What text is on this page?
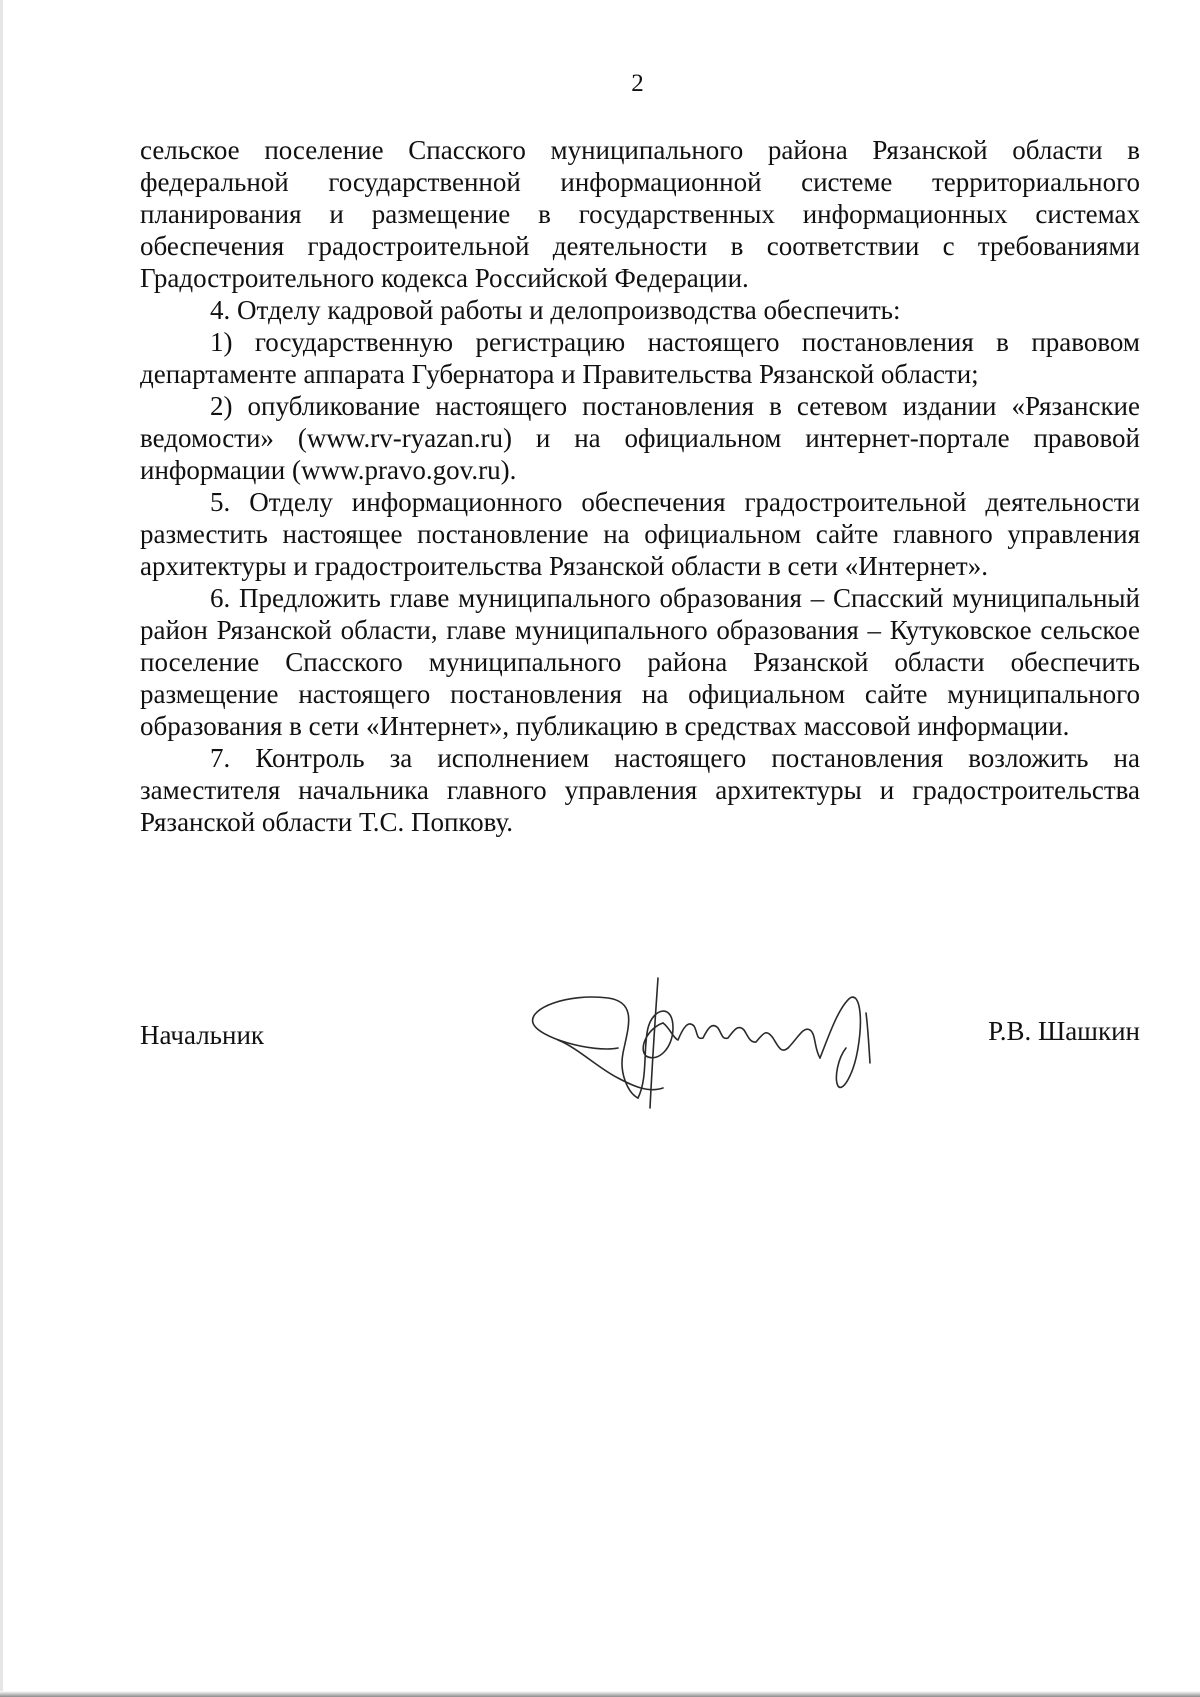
2

сельское поселение Спасского муниципального района Рязанской области в федеральной государственной информационной системе территориального планирования и размещение в государственных информационных системах обеспечения градостроительной деятельности в соответствии с требованиями Градостроительного кодекса Российской Федерации.

4. Отделу кадровой работы и делопроизводства обеспечить:

1) государственную регистрацию настоящего постановления в правовом департаменте аппарата Губернатора и Правительства Рязанской области;

2) опубликование настоящего постановления в сетевом издании «Рязанские ведомости» (www.rv-ryazan.ru) и на официальном интернет-портале правовой информации (www.pravo.gov.ru).

5. Отделу информационного обеспечения градостроительной деятельности разместить настоящее постановление на официальном сайте главного управления архитектуры и градостроительства Рязанской области в сети «Интернет».

6. Предложить главе муниципального образования – Спасский муниципальный район Рязанской области, главе муниципального образования – Кутуковское сельское поселение Спасского муниципального района Рязанской области обеспечить размещение настоящего постановления на официальном сайте муниципального образования в сети «Интернет», публикацию в средствах массовой информации.

7. Контроль за исполнением настоящего постановления возложить на заместителя начальника главного управления архитектуры и градостроительства Рязанской области Т.С. Попкову.

Начальник	Р.В. Шашкин
